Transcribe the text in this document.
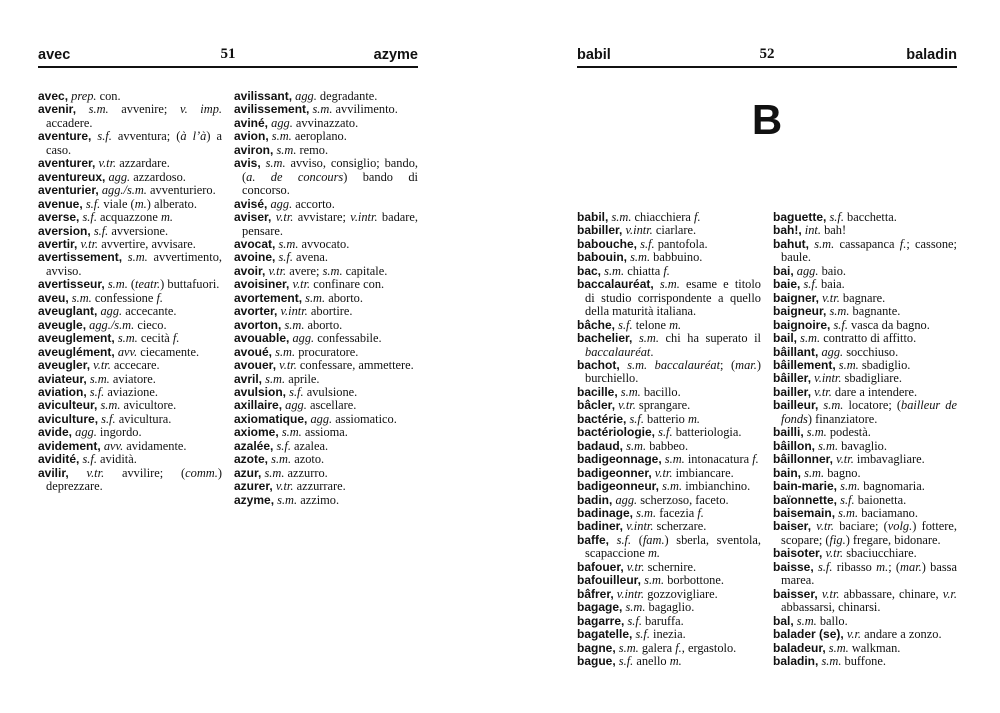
avec	51	azyme

avec, prep. con.

avenir, s.m. avvenire; v. imp. accadere.

aventure, s.f. avventura; (à l’à) a caso.

aventurer, v.tr. azzardare.

aventureux, agg. azzardoso.

aventurier, agg./s.m. avventuriero.

avenue, s.f. viale (m.) alberato.

averse, s.f. acquazzone m.

aversion, s.f. avversione.

avertir, v.tr. avvertire, avvisare.

avertissement, s.m. avvertimento, avviso.

avertisseur, s.m. (teatr.) buttafuori.

aveu, s.m. confessione f.

aveuglant, agg. accecante.

aveugle, agg./s.m. cieco.

aveuglement, s.m. cecità f.

aveuglément, avv. ciecamente.

aveugler, v.tr. accecare.

aviateur, s.m. aviatore.

aviation, s.f. aviazione.

aviculteur, s.m. avicultore.

aviculture, s.f. avicultura.

avide, agg. ingordo.

avidement, avv. avidamente.

avidité, s.f. avidità.

avilir, v.tr. avvilire; (comm.) deprezzare.

avilissant, agg. degradante.

avilissement, s.m. avvilimento.

aviné, agg. avvinazzato.

avion, s.m. aeroplano.

aviron, s.m. remo.

avis, s.m. avviso, consiglio; bando, (a. de concours) bando di concorso.

avisé, agg. accorto.

aviser, v.tr. avvistare; v.intr. badare, pensare.

avocat, s.m. avvocato.

avoine, s.f. avena.

avoir, v.tr. avere; s.m. capitale.

avoisiner, v.tr. confinare con.

avortement, s.m. aborto.

avorter, v.intr. abortire.

avorton, s.m. aborto.

avouable, agg. confessabile.

avoué, s.m. procuratore.

avouer, v.tr. confessare, ammettere.

avril, s.m. aprile.

avulsion, s.f. avulsione.

axillaire, agg. ascellare.

axiomatique, agg. assiomatico.

axiome, s.m. assioma.

azalée, s.f. azalea.

azote, s.m. azoto.

azur, s.m. azzurro.

azurer, v.tr. azzurrare.

azyme, s.m. azzimo.

babil	52	baladin
B

babil, s.m. chiacchiera f.

babiller, v.intr. ciarlare.

babouche, s.f. pantofola.

babouin, s.m. babbuino.

bac, s.m. chiatta f.

baccalauréat, s.m. esame e titolo di studio corrispondente a quello della maturità italiana.

bâche, s.f. telone m.

bachelier, s.m. chi ha superato il baccalauréat.

bachot, s.m. baccalauréat; (mar.) burchiello.

bacille, s.m. bacillo.

bâcler, v.tr. sprangare.

bactérie, s.f. batterio m.

bactériologie, s.f. batteriologia.

badaud, s.m. babbeo.

badigeonnage, s.m. intonacatura f.

badigeonner, v.tr. imbiancare.

badigeonneur, s.m. imbianchino.

badin, agg. scherzoso, faceto.

badinage, s.m. facezia f.

badiner, v.intr. scherzare.

baffe, s.f. (fam.) sberla, sventola, scapaccione m.

bafouer, v.tr. schernire.

bafouilleur, s.m. borbottone.

bâfrer, v.intr. gozzovigliare.

bagage, s.m. bagaglio.

bagarre, s.f. baruffa.

bagatelle, s.f. inezia.

bagne, s.m. galera f., ergastolo.

bague, s.f. anello m.

baguette, s.f. bacchetta.

bah!, int. bah!

bahut, s.m. cassapanca f.; cassone; baule.

bai, agg. baio.

baie, s.f. baia.

baigner, v.tr. bagnare.

baigneur, s.m. bagnante.

baignoire, s.f. vasca da bagno.

bail, s.m. contratto di affitto.

bâillant, agg. socchiuso.

bâillement, s.m. sbadiglio.

bâiller, v.intr. sbadigliare.

bailler, v.tr. dare a intendere.

bailleur, s.m. locatore; (bailleur de fonds) finanziatore.

bailli, s.m. podestà.

bâillon, s.m. bavaglio.

bâillonner, v.tr. imbavagliare.

bain, s.m. bagno.

bain-marie, s.m. bagnomaria.

baïonnette, s.f. baionetta.

baisemain, s.m. baciamano.

baiser, v.tr. baciare; (volg.) fottere, scopare; (fig.) fregare, bidonare.

baisoter, v.tr. sbaciucchiare.

baisse, s.f. ribasso m.; (mar.) bassa marea.

baisser, v.tr. abbassare, chinare, v.r. abbassarsi, chinarsi.

bal, s.m. ballo.

balader (se), v.r. andare a zonzo.

baladeur, s.m. walkman.

baladin, s.m. buffone.
